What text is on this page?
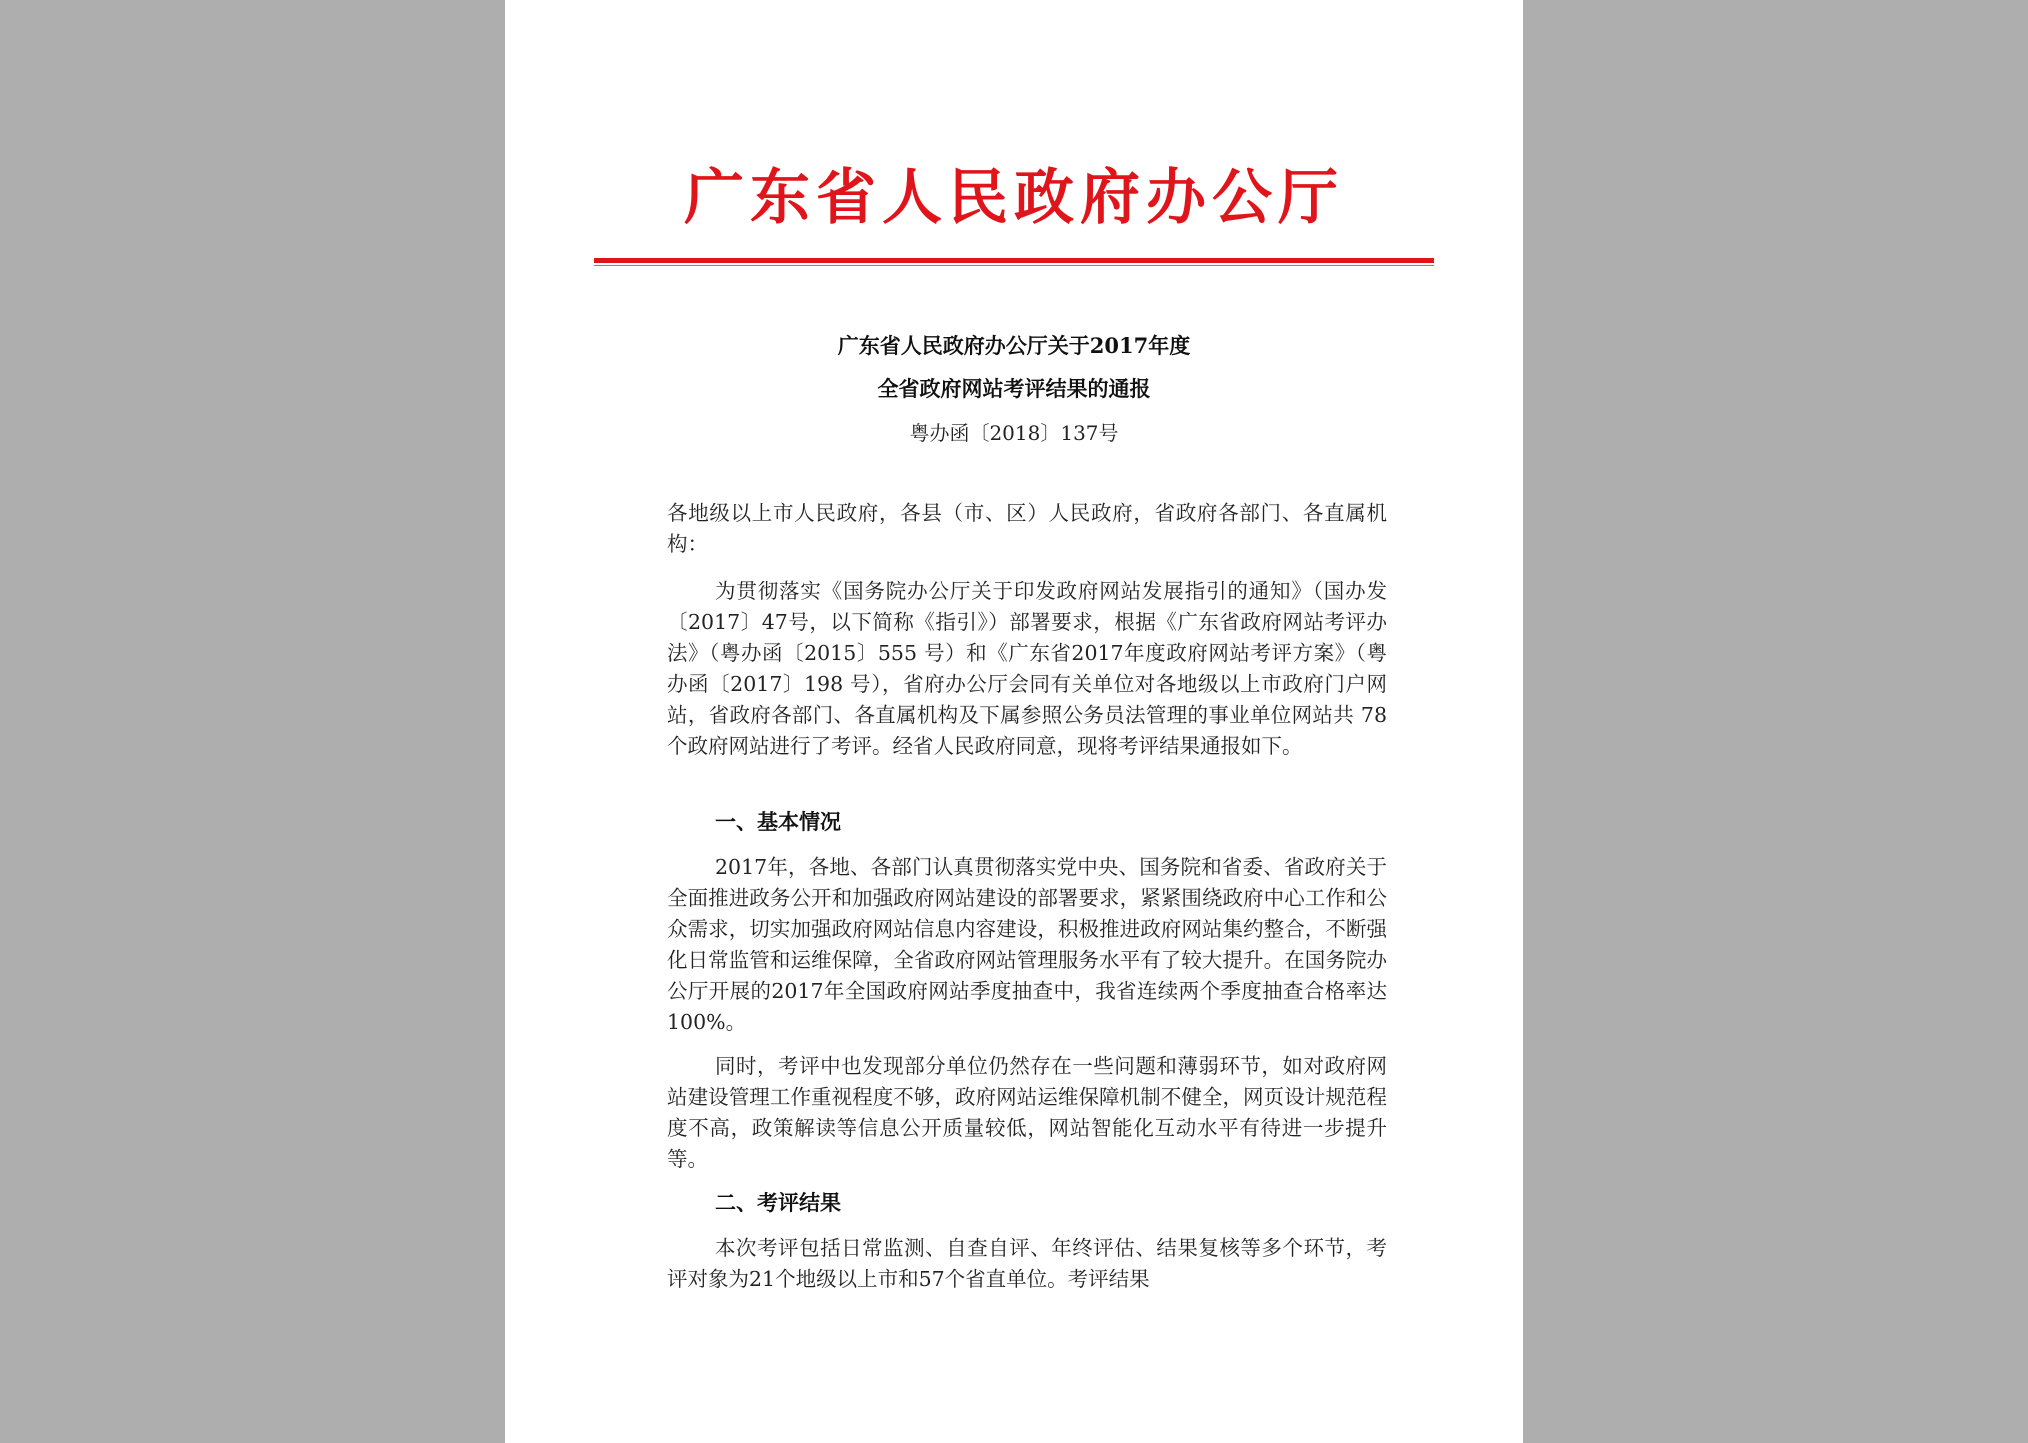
广东省人民政府办公厅
广东省人民政府办公厅关于2017年度
全省政府网站考评结果的通报
粤办函〔2018〕137号

各地级以上市人民政府，各县（市、区）人民政府，省政府各部门、各直属机构：

为贯彻落实《国务院办公厅关于印发政府网站发展指引的通知》（国办发〔2017〕47号，以下简称《指引》）部署要求，根据《广东省政府网站考评办法》（粤办函〔2015〕555 号）和《广东省2017年度政府网站考评方案》（粤办函〔2017〕198 号），省府办公厅会同有关单位对各地级以上市政府门户网站，省政府各部门、各直属机构及下属参照公务员法管理的事业单位网站共 78 个政府网站进行了考评。经省人民政府同意，现将考评结果通报如下。

一、基本情况

2017年，各地、各部门认真贯彻落实党中央、国务院和省委、省政府关于全面推进政务公开和加强政府网站建设的部署要求，紧紧围绕政府中心工作和公众需求，切实加强政府网站信息内容建设，积极推进政府网站集约整合，不断强化日常监管和运维保障，全省政府网站管理服务水平有了较大提升。在国务院办公厅开展的2017年全国政府网站季度抽查中，我省连续两个季度抽查合格率达100%。

同时，考评中也发现部分单位仍然存在一些问题和薄弱环节，如对政府网站建设管理工作重视程度不够，政府网站运维保障机制不健全，网页设计规范程度不高，政策解读等信息公开质量较低，网站智能化互动水平有待进一步提升等。

二、考评结果

本次考评包括日常监测、自查自评、年终评估、结果复核等多个环节，考评对象为21个地级以上市和57个省直单位。考评结果
